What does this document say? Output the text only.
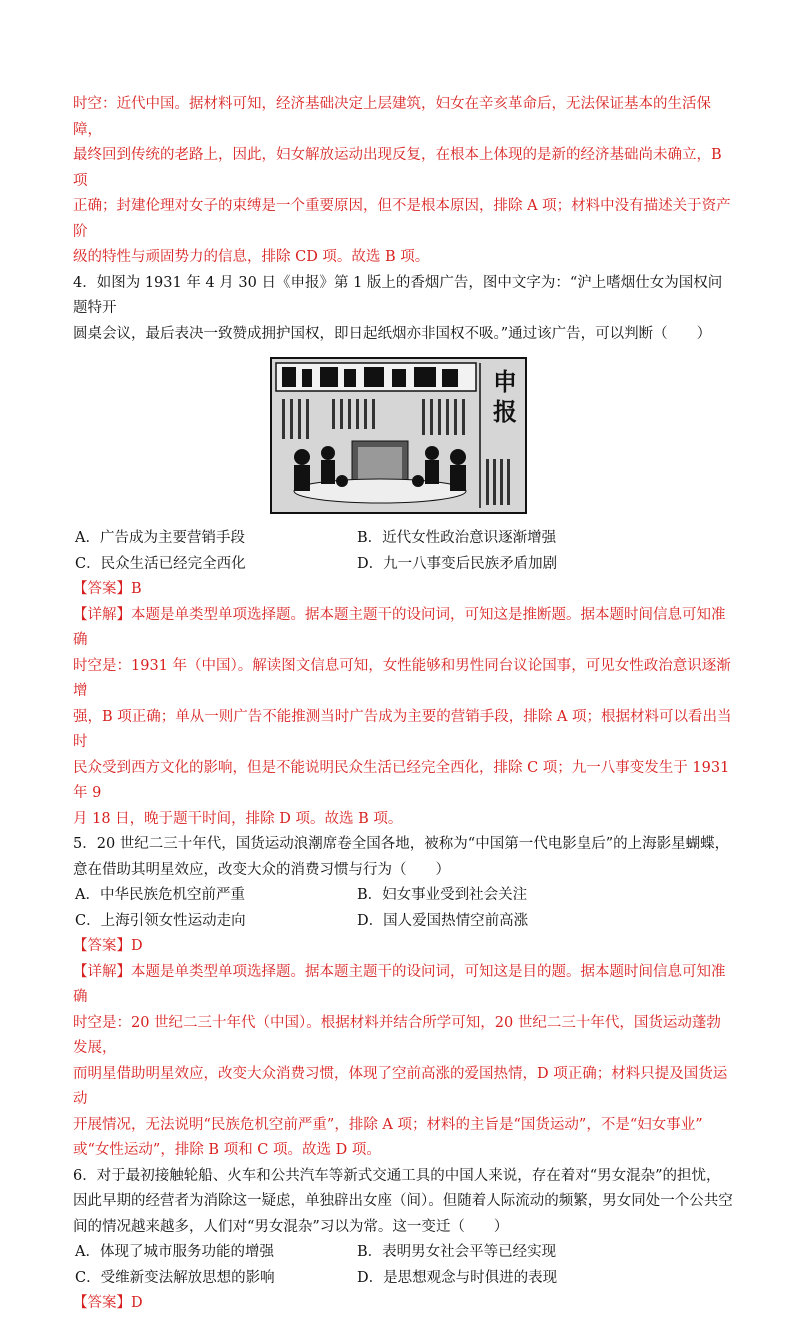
时空：近代中国。据材料可知，经济基础决定上层建筑，妇女在辛亥革命后，无法保证基本的生活保障，

最终回到传统的老路上，因此，妇女解放运动出现反复，在根本上体现的是新的经济基础尚未确立，B 项

正确；封建伦理对女子的束缚是一个重要原因，但不是根本原因，排除 A 项；材料中没有描述关于资产阶

级的特性与顽固势力的信息，排除 CD 项。故选 B 项。

4．如图为 1931 年 4 月 30 日《申报》第 1 版上的香烟广告，图中文字为：“沪上嗜烟仕女为国权问题特开

圆桌会议，最后表决一致赞成拥护国权，即日起纸烟亦非国权不吸。”通过该广告，可以判断（　　）

申
报
A．广告成为主要营销手段	B．近代女性政治意识逐渐增强
C．民众生活已经完全西化	D．九一八事变后民族矛盾加剧

【答案】B

【详解】本题是单类型单项选择题。据本题主题干的设问词，可知这是推断题。据本题时间信息可知准确

时空是：1931 年（中国）。解读图文信息可知，女性能够和男性同台议论国事，可见女性政治意识逐渐增

强，B 项正确；单从一则广告不能推测当时广告成为主要的营销手段，排除 A 项；根据材料可以看出当时

民众受到西方文化的影响，但是不能说明民众生活已经完全西化，排除 C 项；九一八事变发生于 1931 年 9

月 18 日，晚于题干时间，排除 D 项。故选 B 项。

5．20 世纪二三十年代，国货运动浪潮席卷全国各地，被称为“中国第一代电影皇后”的上海影星蝴蝶，

意在借助其明星效应，改变大众的消费习惯与行为（　　）

A．中华民族危机空前严重	B．妇女事业受到社会关注
C．上海引领女性运动走向	D．国人爱国热情空前高涨

【答案】D

【详解】本题是单类型单项选择题。据本题主题干的设问词，可知这是目的题。据本题时间信息可知准确

时空是：20 世纪二三十年代（中国）。根据材料并结合所学可知，20 世纪二三十年代，国货运动蓬勃发展，

而明星借助明星效应，改变大众消费习惯，体现了空前高涨的爱国热情，D 项正确；材料只提及国货运动

开展情况，无法说明“民族危机空前严重”，排除 A 项；材料的主旨是“国货运动”，不是“妇女事业”

或“女性运动”，排除 B 项和 C 项。故选 D 项。

6．对于最初接触轮船、火车和公共汽车等新式交通工具的中国人来说，存在着对“男女混杂”的担忧，

因此早期的经营者为消除这一疑虑，单独辟出女座（间）。但随着人际流动的频繁，男女同处一个公共空

间的情况越来越多，人们对“男女混杂”习以为常。这一变迁（　　）

A．体现了城市服务功能的增强	B．表明男女社会平等已经实现
C．受维新变法解放思想的影响	D．是思想观念与时俱进的表现

【答案】D
